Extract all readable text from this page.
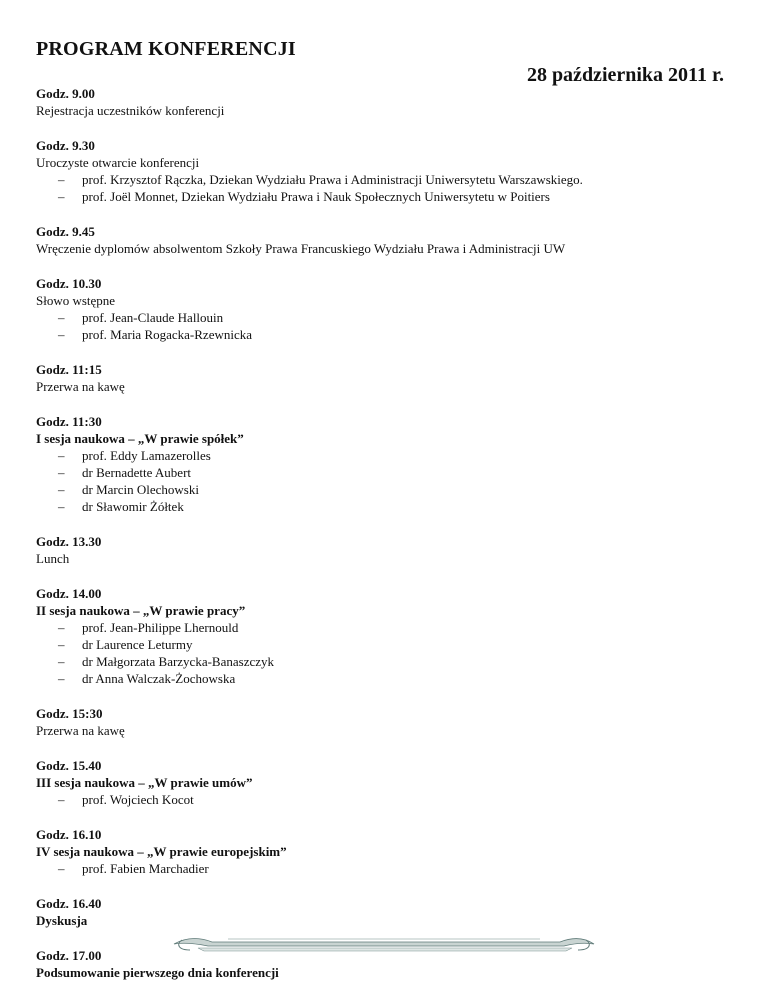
PROGRAM KONFERENCJI
28 października 2011 r.
Godz. 9.00
Rejestracja uczestników konferencji
Godz. 9.30
Uroczyste otwarcie konferencji
– prof. Krzysztof Rączka, Dziekan Wydziału Prawa i Administracji Uniwersytetu Warszawskiego.
– prof. Joël Monnet, Dziekan Wydziału Prawa i Nauk Społecznych Uniwersytetu w Poitiers
Godz. 9.45
Wręczenie dyplomów absolwentom Szkoły Prawa Francuskiego Wydziału Prawa i Administracji UW
Godz. 10.30
Słowo wstępne
– prof. Jean-Claude Hallouin
– prof. Maria Rogacka-Rzewnicka
Godz. 11:15
Przerwa na kawę
Godz. 11:30
I sesja naukowa – „W prawie spółek”
– prof. Eddy Lamazerolles
– dr Bernadette Aubert
– dr Marcin Olechowski
– dr Sławomir Żółtek
Godz. 13.30
Lunch
Godz. 14.00
II sesja naukowa – „W prawie pracy”
– prof. Jean-Philippe Lhernould
– dr Laurence Leturmy
– dr Małgorzata Barzycka-Banaszczyk
– dr Anna Walczak-Żochowska
Godz. 15:30
Przerwa na kawę
Godz. 15.40
III sesja naukowa – „W prawie umów”
– prof. Wojciech Kocot
Godz. 16.10
IV sesja naukowa – „W prawie europejskim”
– prof. Fabien Marchadier
Godz. 16.40
Dyskusja
Godz. 17.00
Podsumowanie pierwszego dnia konferencji
